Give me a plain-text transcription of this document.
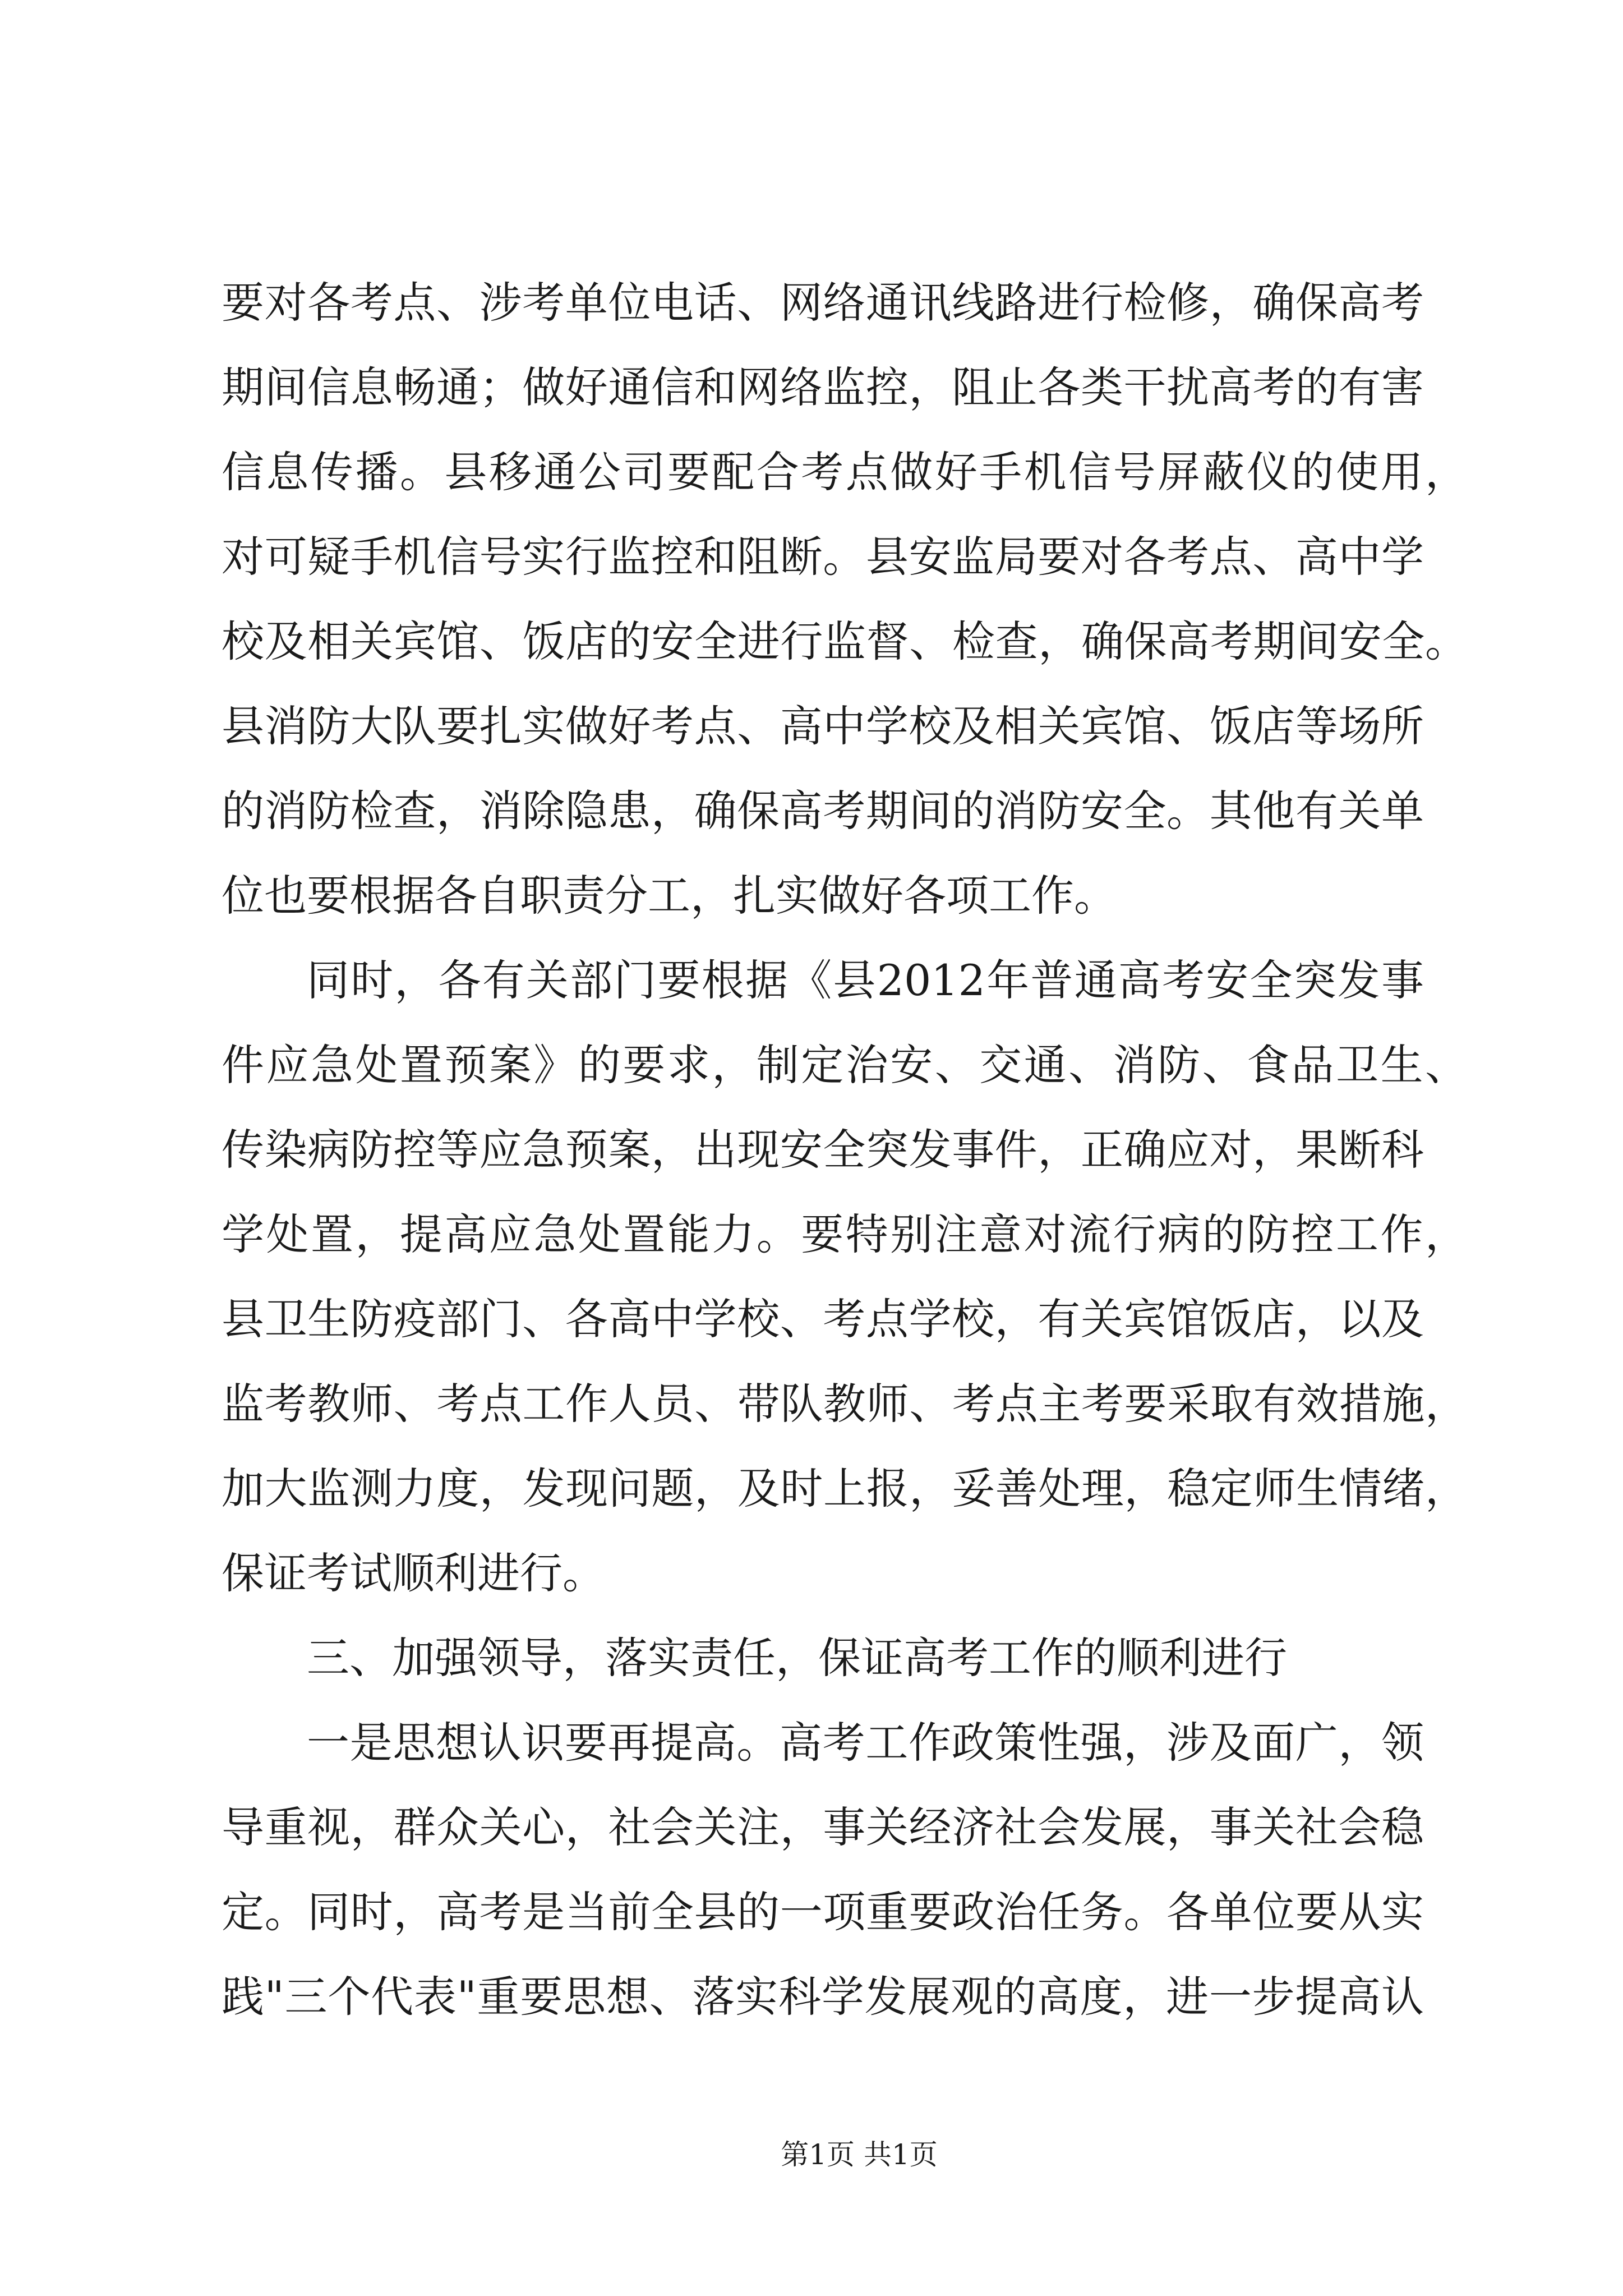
要对各考点、涉考单位电话、网络通讯线路进行检修，确保高考
期间信息畅通；做好通信和网络监控，阻止各类干扰高考的有害
信息传播。县移通公司要配合考点做好手机信号屏蔽仪的使用，
对可疑手机信号实行监控和阻断。县安监局要对各考点、高中学
校及相关宾馆、饭店的安全进行监督、检查，确保高考期间安全。
县消防大队要扎实做好考点、高中学校及相关宾馆、饭店等场所
的消防检查，消除隐患，确保高考期间的消防安全。其他有关单
位也要根据各自职责分工，扎实做好各项工作。
同时，各有关部门要根据《县2012年普通高考安全突发事
件应急处置预案》的要求，制定治安、交通、消防、食品卫生、
传染病防控等应急预案，出现安全突发事件，正确应对，果断科
学处置，提高应急处置能力。要特别注意对流行病的防控工作，
县卫生防疫部门、各高中学校、考点学校，有关宾馆饭店，以及
监考教师、考点工作人员、带队教师、考点主考要采取有效措施，
加大监测力度，发现问题，及时上报，妥善处理，稳定师生情绪，
保证考试顺利进行。
三、加强领导，落实责任，保证高考工作的顺利进行
一是思想认识要再提高。高考工作政策性强，涉及面广，领
导重视，群众关心，社会关注，事关经济社会发展，事关社会稳
定。同时，高考是当前全县的一项重要政治任务。各单位要从实
践"三个代表"重要思想、落实科学发展观的高度，进一步提高认
第1页 共1页
